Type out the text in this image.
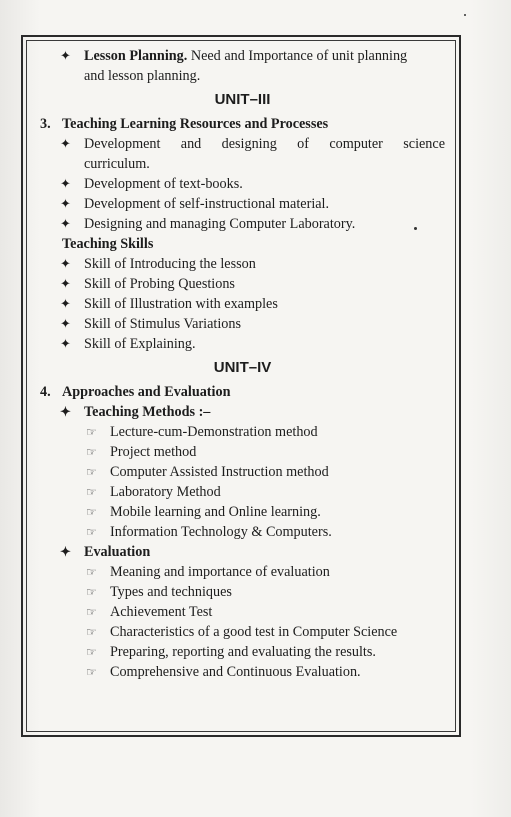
✦ Lesson Planning. Need and Importance of unit planning
and lesson planning.
UNIT–III
3. Teaching Learning Resources and Processes
✦ Development and designing of computer science
curriculum.
✦ Development of text-books.
✦ Development of self-instructional material.
✦ Designing and managing Computer Laboratory.
Teaching Skills
✦ Skill of Introducing the lesson
✦ Skill of Probing Questions
✦ Skill of Illustration with examples
✦ Skill of Stimulus Variations
✦ Skill of Explaining.
UNIT–IV
4. Approaches and Evaluation
✦ Teaching Methods :–
☞ Lecture-cum-Demonstration method
☞ Project method
☞ Computer Assisted Instruction method
☞ Laboratory Method
☞ Mobile learning and Online learning.
☞ Information Technology & Computers.
✦ Evaluation
☞ Meaning and importance of evaluation
☞ Types and techniques
☞ Achievement Test
☞ Characteristics of a good test in Computer Science
☞ Preparing, reporting and evaluating the results.
☞ Comprehensive and Continuous Evaluation.
